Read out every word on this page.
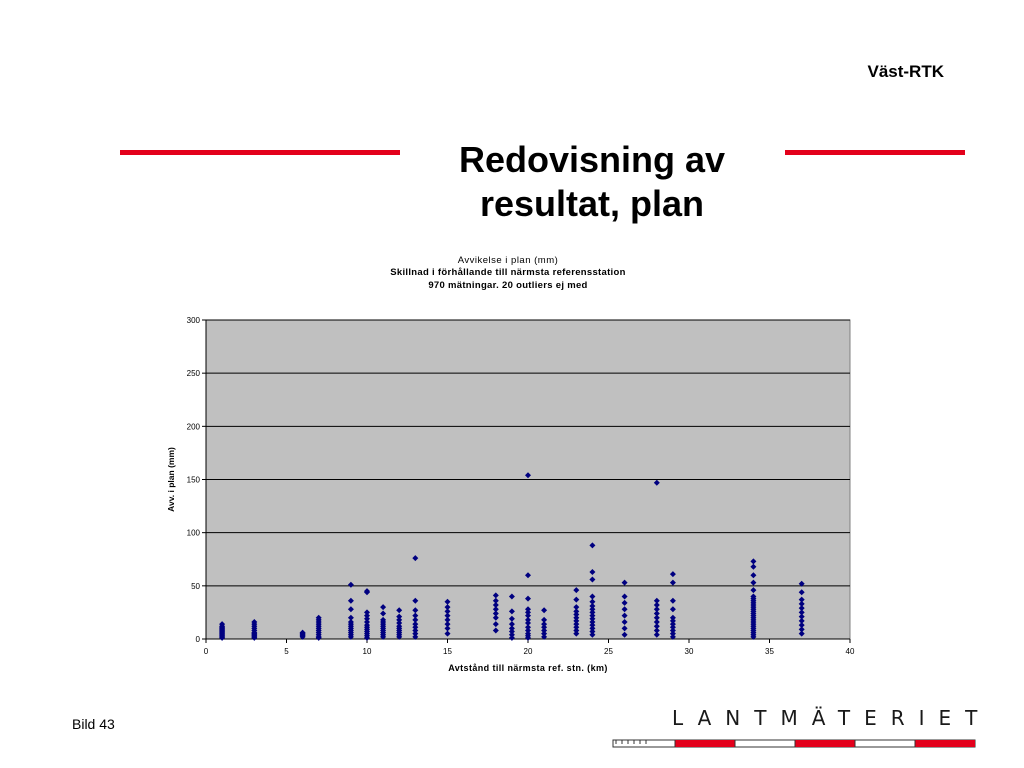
Väst-RTK
Redovisning av
resultat, plan
Avvikelse i plan (mm)
Skillnad i förhållande till närmsta referensstation
970 mätningar. 20 outliers ej med
0
50
100
150
200
250
300
0	5	10	15	20	25	30	35	40
Avtstånd till närmsta ref. stn. (km)
Avv. i plan (mm)
Bild 43	LANTMÄTERIET
